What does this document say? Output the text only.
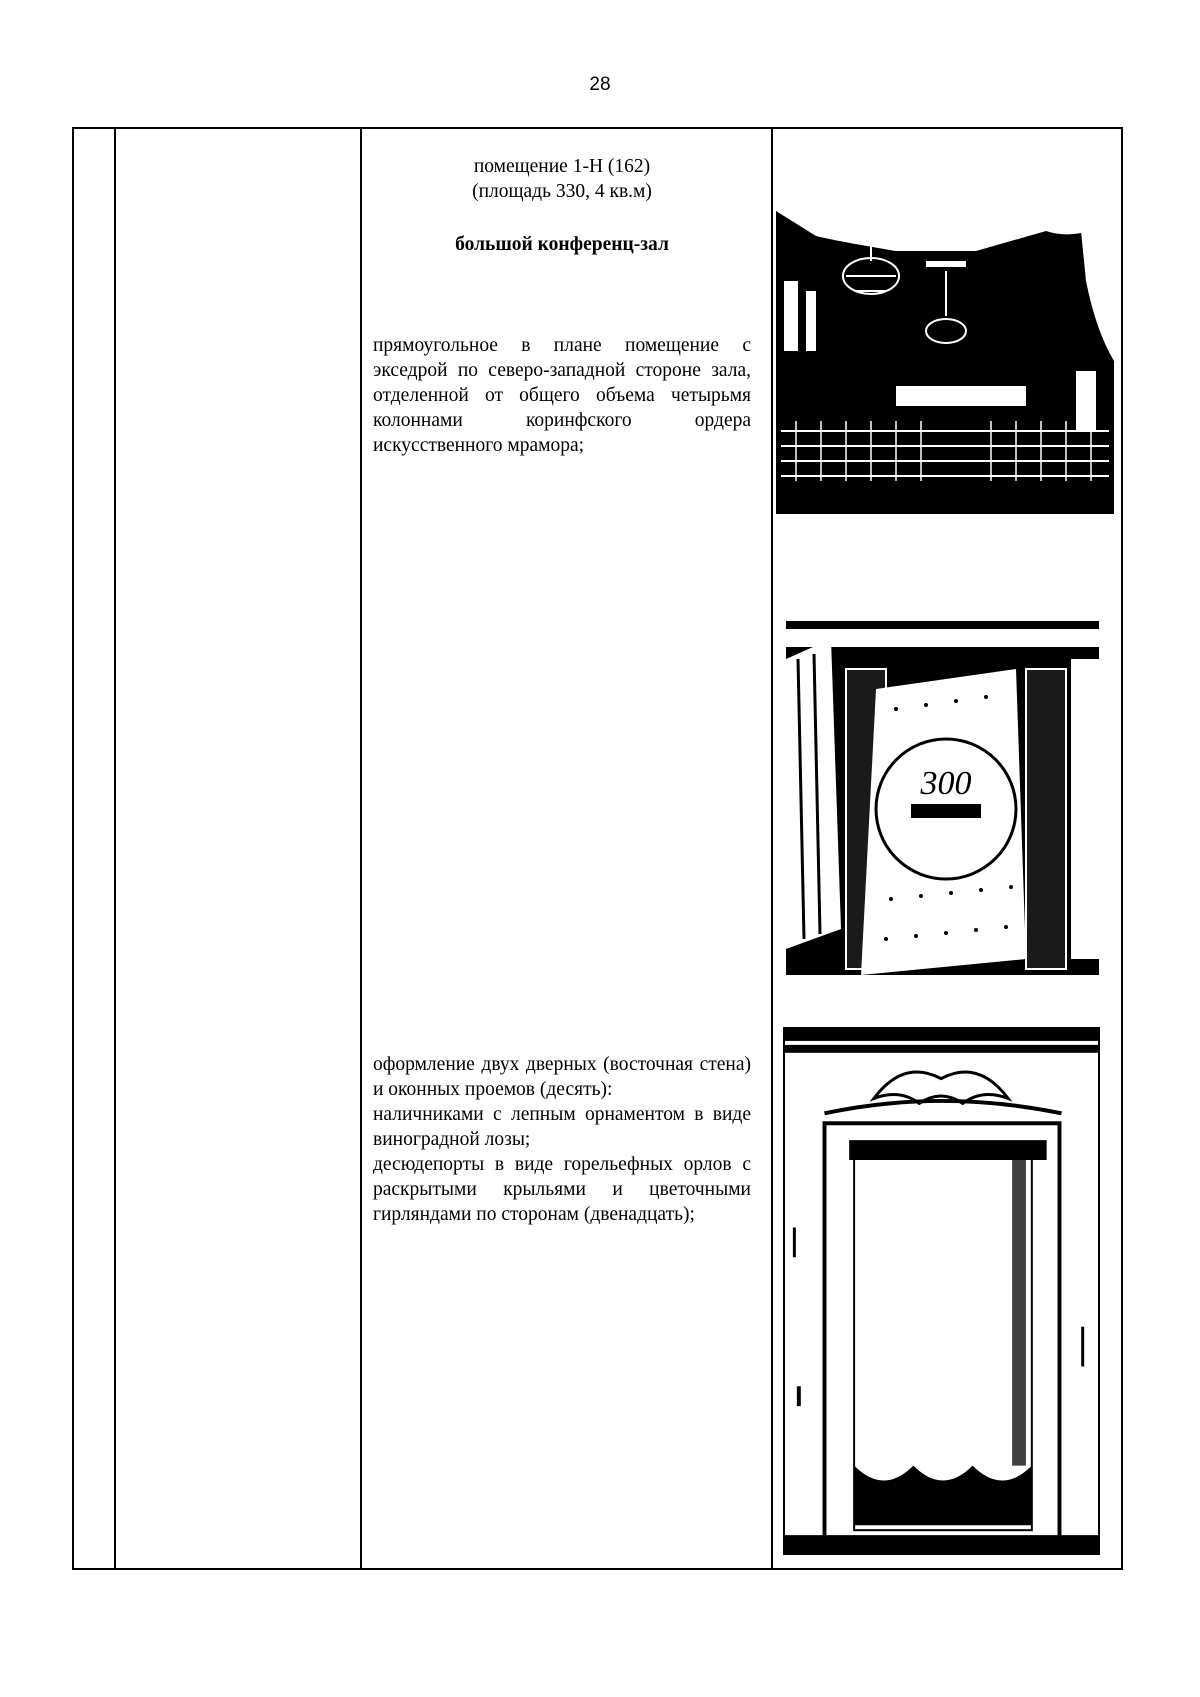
28
помещение 1-Н (162)
(площадь 330, 4 кв.м)
большой конференц-зал
прямоугольное в плане помещение с экседрой по северо-западной стороне зала, отделенной от общего объема четырьмя колоннами коринфского ордера искусственного мрамора;
оформление двух дверных (восточная стена) и оконных проемов (десять):
наличниками с лепным орнаментом в виде виноградной лозы;
десюдепорты в виде горельефных орлов с раскрытыми крыльями и цветочными гирляндами по сторонам (двенадцать);
300
